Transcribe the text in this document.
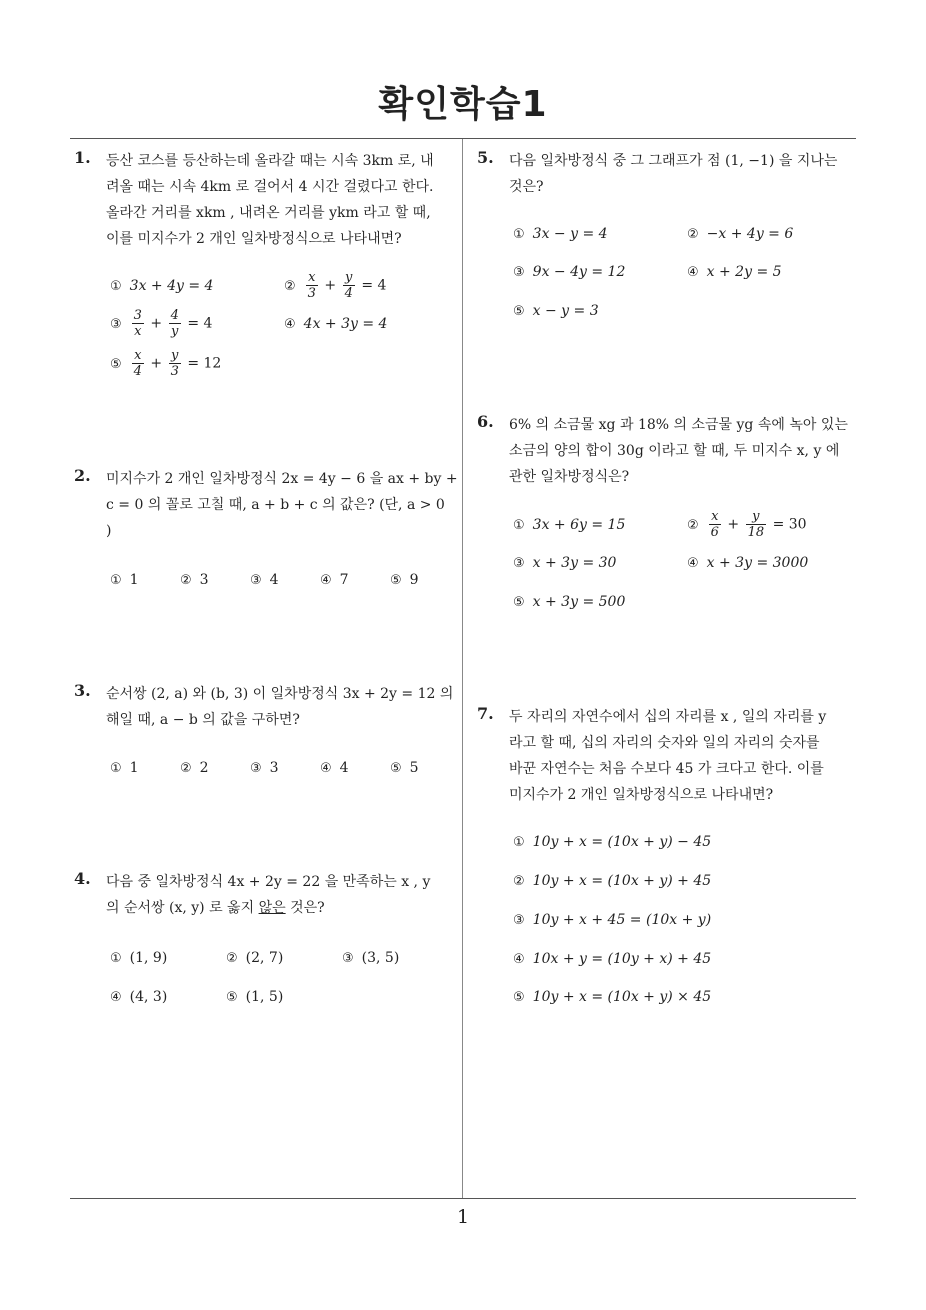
확인학습1
1
1. 등산 코스를 등산하는데 올라갈 때는 시속 3km 로, 내
려올 때는 시속 4km 로 걸어서 4 시간 걸렸다고 한다.
올라간 거리를 xkm , 내려온 거리를 ykm 라고 할 때,
이를 미지수가 2 개인 일차방정식으로 나타내면?
① 3x + 4y = 4	② $\frac{x}{3} + \frac{y}{4} = 4$
③ $\frac{3}{x} + \frac{4}{y} = 4$	④ 4x + 3y = 4
⑤ $\frac{x}{4} + \frac{y}{3} = 12$
2. 미지수가 2 개인 일차방정식 2x = 4y − 6 을 ax + by +
c = 0 의 꼴로 고칠 때, a + b + c 의 값은? (단, a > 0
)
① 1	② 3	③ 4	④ 7	⑤ 9
3. 순서쌍 (2, a) 와 (b, 3) 이 일차방정식 3x + 2y = 12 의
해일 때, a − b 의 값을 구하면?
① 1	② 2	③ 3	④ 4	⑤ 5
4. 다음 중 일차방정식 4x + 2y = 22 을 만족하는 x , y
의 순서쌍 (x, y) 로 옳지 않은 것은?
① (1, 9)	② (2, 7)	③ (3, 5)
④ (4, 3)	⑤ (1, 5)
5. 다음 일차방정식 중 그 그래프가 점 (1, −1) 을 지나는
것은?
① 3x − y = 4	② −x + 4y = 6
③ 9x − 4y = 12	④ x + 2y = 5
⑤ x − y = 3
6. 6% 의 소금물 xg 과 18% 의 소금물 yg 속에 녹아 있는
소금의 양의 합이 30g 이라고 할 때, 두 미지수 x, y 에
관한 일차방정식은?
① 3x + 6y = 15	② $\frac{x}{6} + \frac{y}{18} = 30$
③ x + 3y = 30	④ x + 3y = 3000
⑤ x + 3y = 500
7. 두 자리의 자연수에서 십의 자리를 x , 일의 자리를 y
라고 할 때, 십의 자리의 숫자와 일의 자리의 숫자를
바꾼 자연수는 처음 수보다 45 가 크다고 한다. 이를
미지수가 2 개인 일차방정식으로 나타내면?
① 10y + x = (10x + y) − 45
② 10y + x = (10x + y) + 45
③ 10y + x + 45 = (10x + y)
④ 10x + y = (10y + x) + 45
⑤ 10y + x = (10x + y) × 45
